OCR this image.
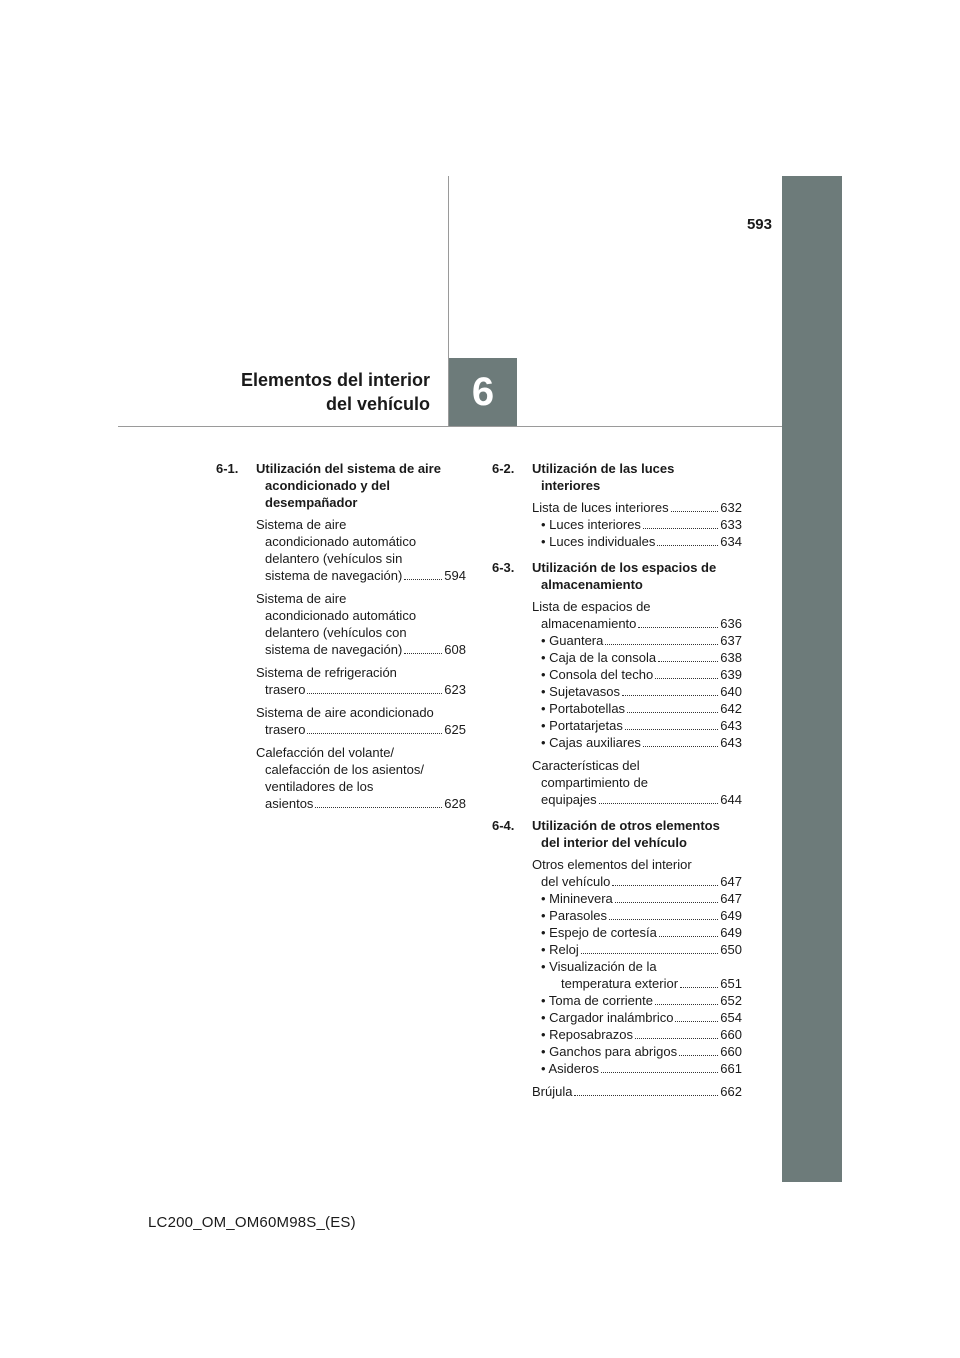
593
Elementos del interior
del vehículo 6
6-1.	Utilización del sistema de aire
acondicionado y del
desempañador
Sistema de aire
acondicionado automático
delantero (vehículos sin
sistema de navegación)	594
Sistema de aire
acondicionado automático
delantero (vehículos con
sistema de navegación)	608
Sistema de refrigeración
trasero	623
Sistema de aire acondicionado
trasero	625
Calefacción del volante/
calefacción de los asientos/
ventiladores de los
asientos	628
6-2.	Utilización de las luces
interiores
Lista de luces interiores	632
• Luces interiores	633
• Luces individuales	634
6-3.	Utilización de los espacios de
almacenamiento
Lista de espacios de
almacenamiento	636
• Guantera	637
• Caja de la consola	638
• Consola del techo	639
• Sujetavasos	640
• Portabotellas	642
• Portatarjetas	643
• Cajas auxiliares	643
Características del
compartimiento de
equipajes	644
6-4.	Utilización de otros elementos
del interior del vehículo
Otros elementos del interior
del vehículo	647
• Mininevera	647
• Parasoles	649
• Espejo de cortesía	649
• Reloj	650
• Visualización de la
temperatura exterior	651
• Toma de corriente	652
• Cargador inalámbrico	654
• Reposabrazos	660
• Ganchos para abrigos	660
• Asideros	661
Brújula	662
LC200_OM_OM60M98S_(ES)
